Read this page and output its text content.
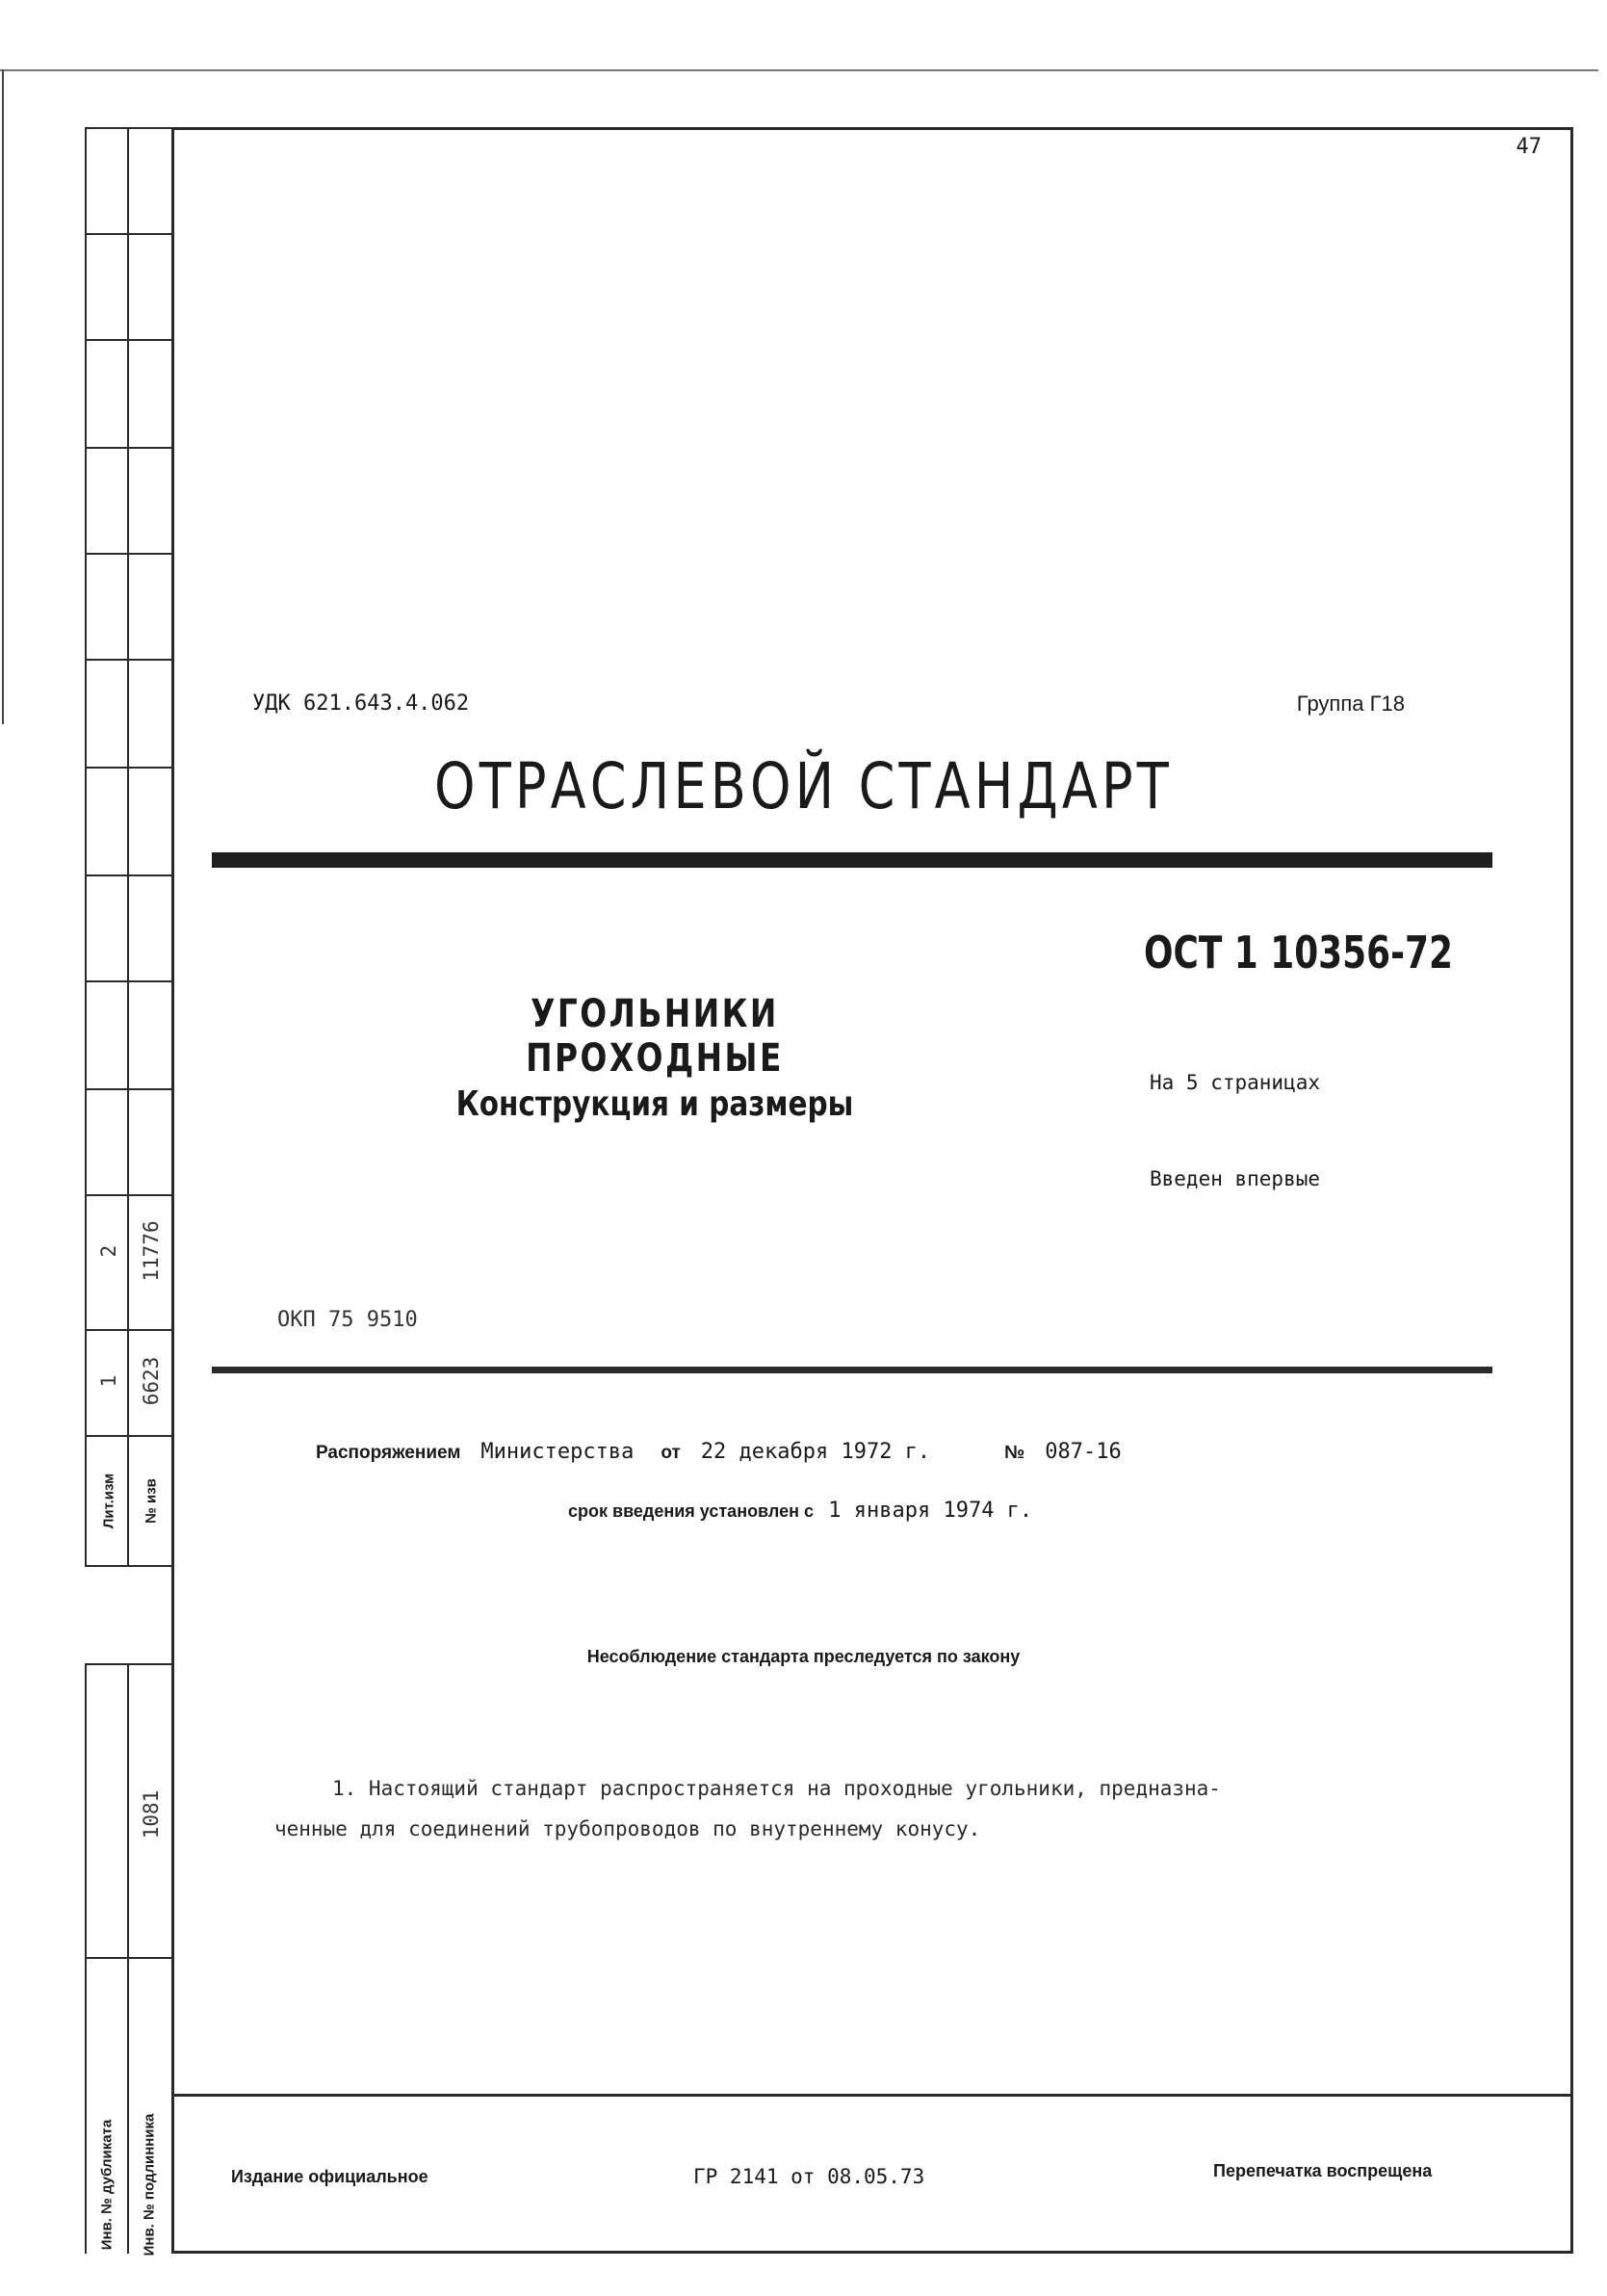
2 11776
1 6623
Лит.изм № изв
1081
Инв. № дубликата Инв. № подлинника
47
УДК 621.643.4.062	Группа Г18
ОТРАСЛЕВОЙ СТАНДАРТ
ОСТ 1 10356-72
УГОЛЬНИКИ ПРОХОДНЫЕ
Конструкция и размеры
На 5 страницах
Введен впервые
ОКП 75 9510
Распоряжением Министерства от 22 декабря 1972 г.	№ 087-16
срок введения установлен с 1 января 1974 г.
Несоблюдение стандарта преследуется по закону
1. Настоящий стандарт распространяется на проходные угольники, предназна-
ченные для соединений трубопроводов по внутреннему конусу.
Издание официальное	ГР 2141 от 08.05.73	Перепечатка воспрещена
